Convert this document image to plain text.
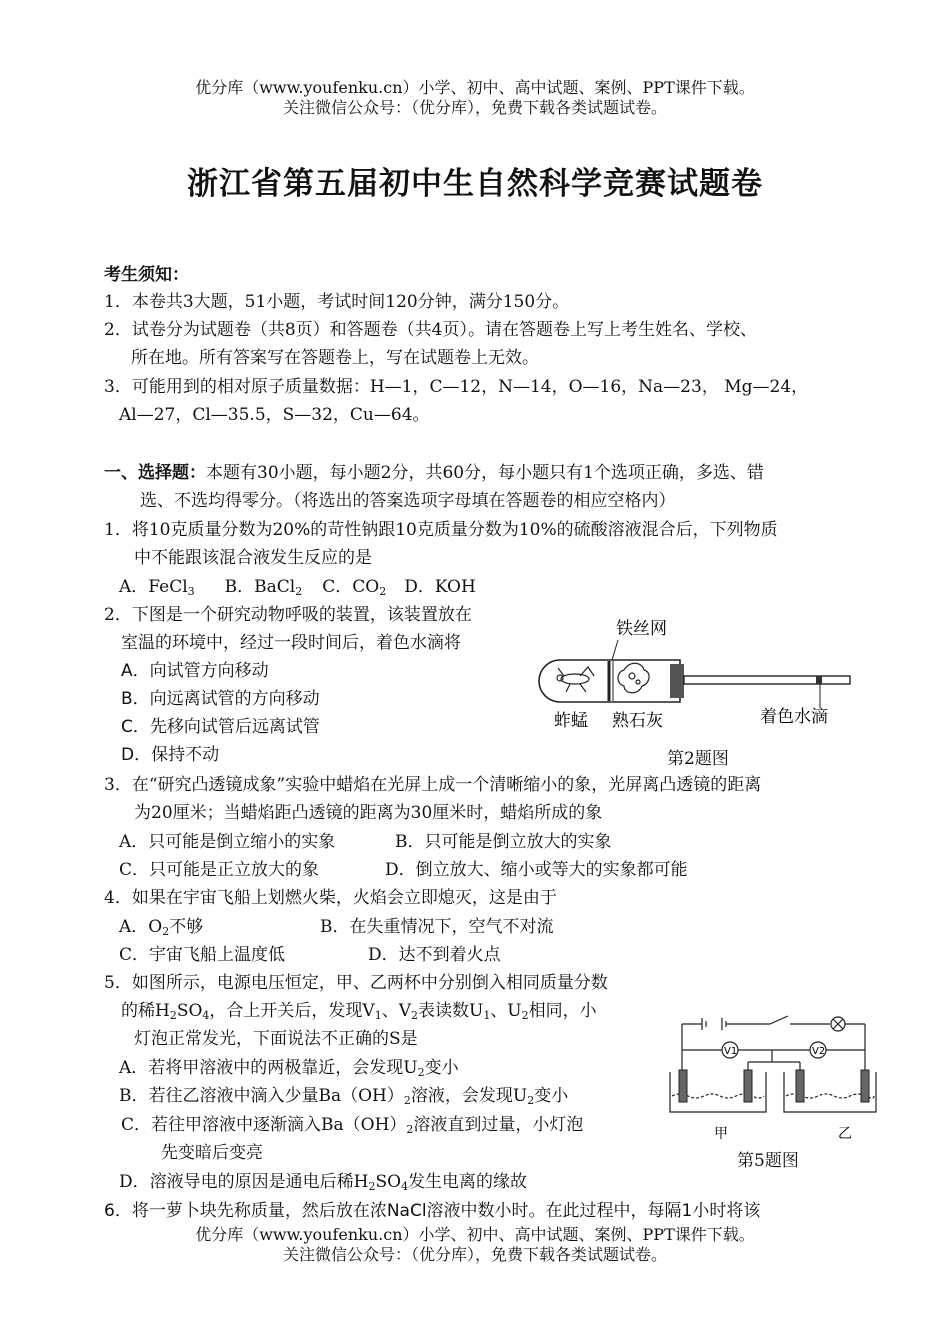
优分库（www.youfenku.cn）小学、初中、高中试题、案例、PPT课件下载。
关注微信公众号：（优分库），免费下载各类试题试卷。
浙江省第五届初中生自然科学竞赛试题卷
考生须知：
1．本卷共3大题，51小题，考试时间120分钟，满分150分。
2．试卷分为试题卷（共8页）和答题卷（共4页）。请在答题卷上写上考生姓名、学校、
所在地。所有答案写在答题卷上，写在试题卷上无效。
3．可能用到的相对原子质量数据：H—1，C—12，N—14，O—16，Na—23， Mg—24，
Al—27，Cl—35.5，S—32，Cu—64。
一、选择题：本题有30小题，每小题2分，共60分，每小题只有1个选项正确，多选、错
选、不选均得零分。（将选出的答案选项字母填在答题卷的相应空格内）
1．将10克质量分数为20%的苛性钠跟10克质量分数为10%的硫酸溶液混合后，下列物质
中不能跟该混合液发生反应的是
A．FeCl$_3$ B．BaCl$_2$ C．$CO_2$ D．KOH
2．下图是一个研究动物呼吸的装置，该装置放在
室温的环境中，经过一段时间后，着色水滴将
A．向试管方向移动
B．向远离试管的方向移动
C．先移向试管后远离试管
D．保持不动
铁丝网
蚱蜢 熟石灰	着色水滴
第2题图
3．在“研究凸透镜成象”实验中蜡焰在光屏上成一个清晰缩小的象，光屏离凸透镜的距离
为20厘米；当蜡焰距凸透镜的距离为30厘米时，蜡焰所成的象
A．只可能是倒立缩小的实象	B．只可能是倒立放大的实象
C．只可能是正立放大的象	D．倒立放大、缩小或等大的实象都可能
4．如果在宇宙飞船上划燃火柴，火焰会立即熄灭，这是由于
A．$O_2$不够	B．在失重情况下，空气不对流
C．宇宙飞船上温度低	D．达不到着火点
5．如图所示，电源电压恒定，甲、乙两杯中分别倒入相同质量分数
的稀$H_2SO_4$，合上开关后，发现$V_1$、$V_2$表读数$U_1$、$U_2$相同，小
灯泡正常发光，下面说法不正确的S是
A．若将甲溶液中的两极靠近，会发现$U_2$变小
B．若往乙溶液中滴入少量$Ba(OH)_2$溶液，会发现$U_2$变小
C．若往甲溶液中逐渐滴入$Ba(OH)_2$溶液直到过量，小灯泡
先变暗后变亮
D．溶液导电的原因是通电后稀$H_2SO_4$发生电离的缘故
V1	V2
甲	乙
第5题图
6．将一萝卜块先称质量，然后放在浓NaCl溶液中数小时。在此过程中，每隔1小时将该
优分库（www.youfenku.cn）小学、初中、高中试题、案例、PPT课件下载。
关注微信公众号：（优分库），免费下载各类试题试卷。
